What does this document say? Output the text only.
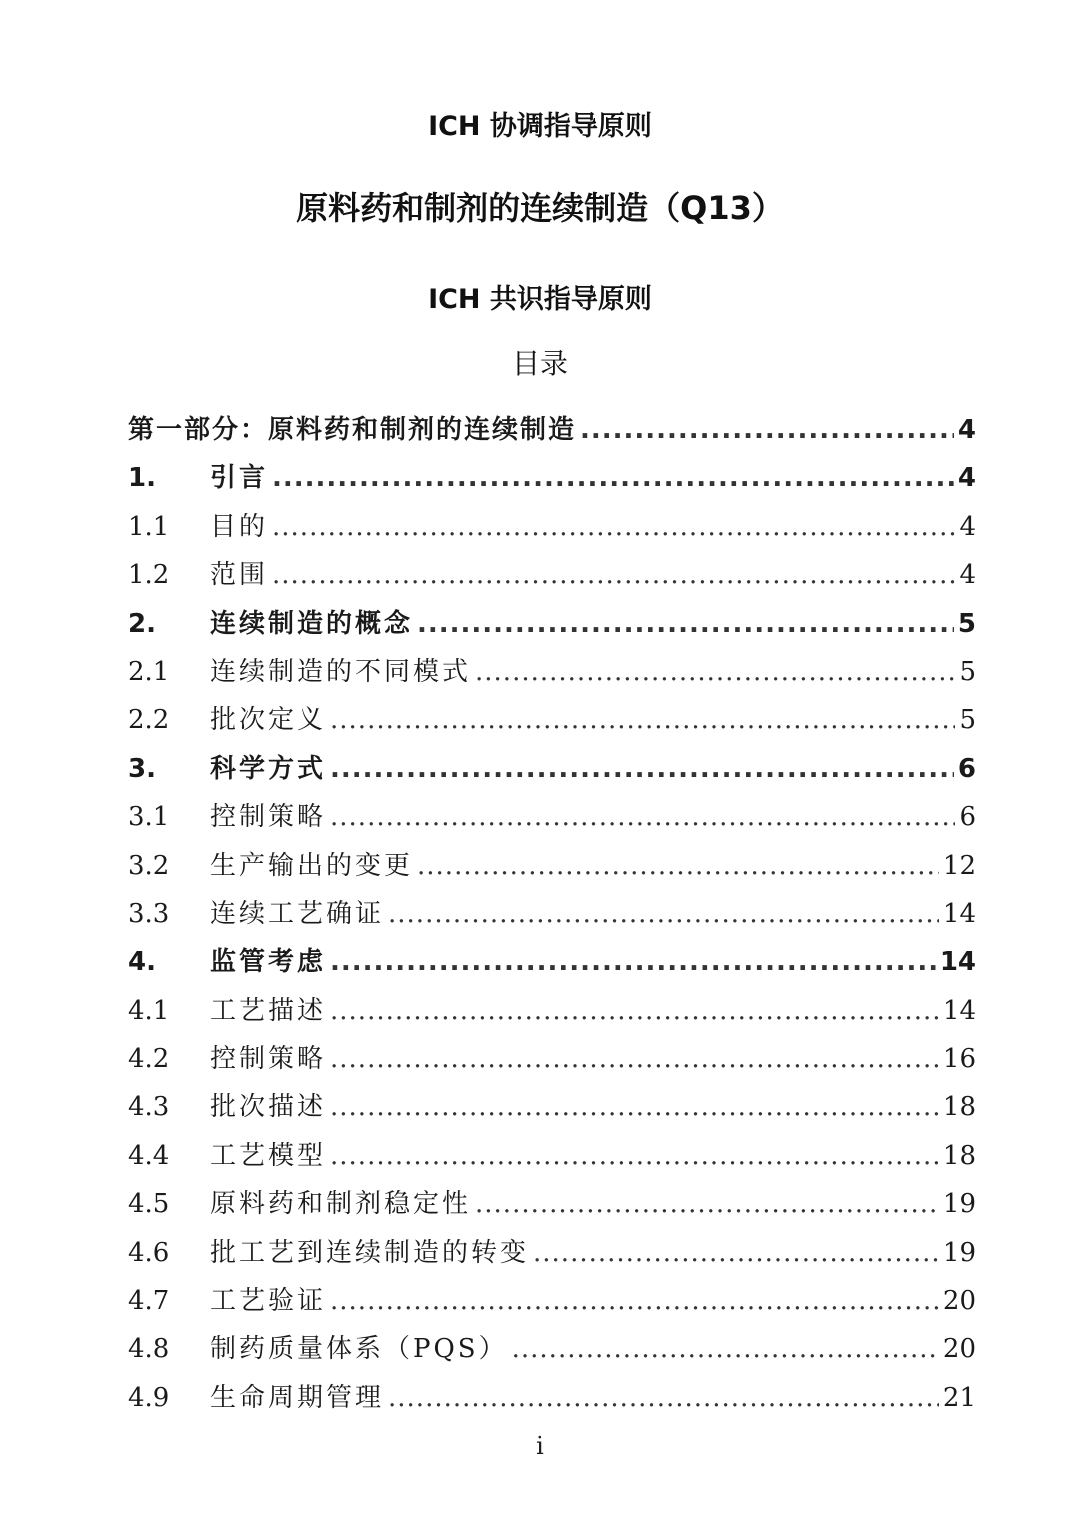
ICH 协调指导原则
原料药和制剂的连续制造（Q13）
ICH 共识指导原则
目录
第一部分：原料药和制剂的连续制造 .....	4
1.	引言 .....	4
1.1	目的 .....	4
1.2	范围 .....	4
2.	连续制造的概念 .....	5
2.1	连续制造的不同模式 .....	5
2.2	批次定义 .....	5
3.	科学方式 .....	6
3.1	控制策略 .....	6
3.2	生产输出的变更 .....	12
3.3	连续工艺确证 .....	14
4.	监管考虑 .....	14
4.1	工艺描述 .....	14
4.2	控制策略 .....	16
4.3	批次描述 .....	18
4.4	工艺模型 .....	18
4.5	原料药和制剂稳定性 .....	19
4.6	批工艺到连续制造的转变 .....	19
4.7	工艺验证 .....	20
4.8	制药质量体系（PQS） .....	20
4.9	生命周期管理 .....	21
i
